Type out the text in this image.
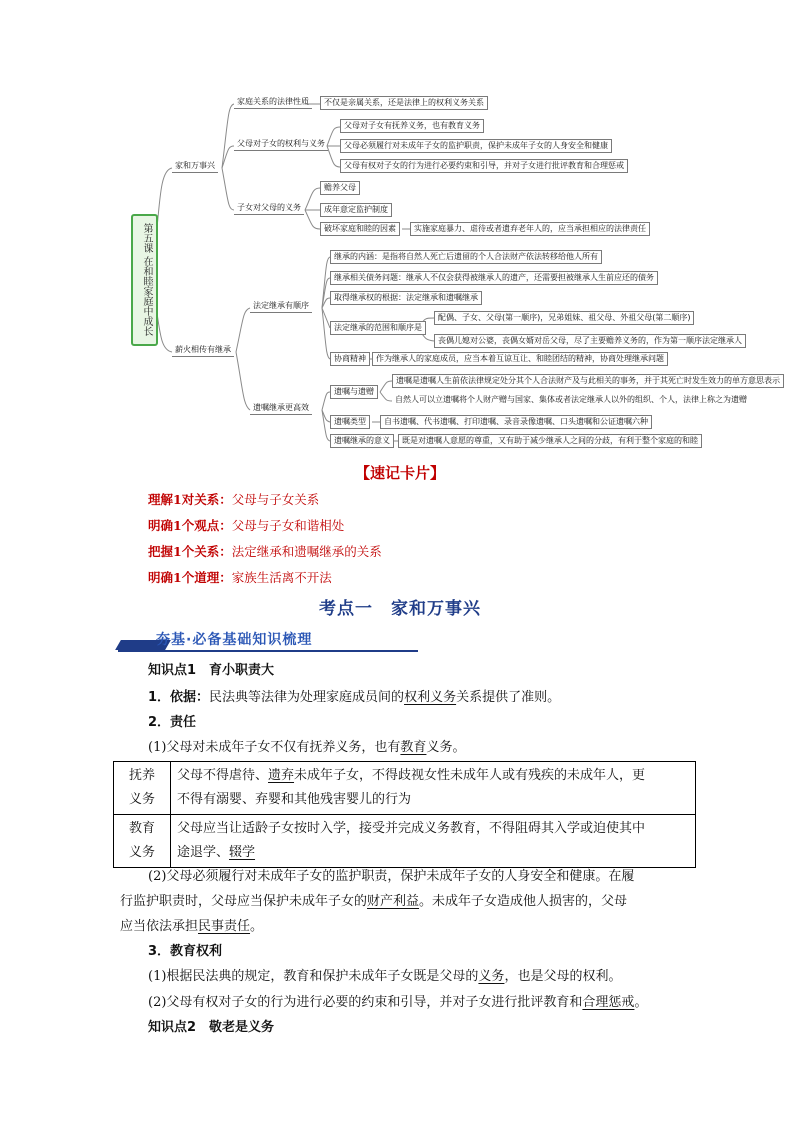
第五课 在和睦家庭中成长
家和万事兴
家庭关系的法律性质	不仅是亲属关系，还是法律上的权利义务关系
父母对子女的权利与义务
父母对子女有抚养义务，也有教育义务
父母必须履行对未成年子女的监护职责，保护未成年子女的人身安全和健康
父母有权对子女的行为进行必要约束和引导，并对子女进行批评教育和合理惩戒
子女对父母的义务
赡养父母
成年意定监护制度
破坏家庭和睦的因素	实施家庭暴力、虐待或者遗弃老年人的，应当承担相应的法律责任
薪火相传有继承
法定继承有顺序
继承的内涵：是指将自然人死亡后遗留的个人合法财产依法转移给他人所有
继承相关债务问题：继承人不仅会获得被继承人的遗产，还需要担被继承人生前应还的债务
取得继承权的根据：法定继承和遗嘱继承
法定继承的范围和顺序是
配偶、子女、父母(第一顺序)，兄弟姐妹、祖父母、外祖父母(第二顺序)
丧偶儿媳对公婆，丧偶女婿对岳父母，尽了主要赡养义务的，作为第一顺序法定继承人
协商精神	作为继承人的家庭成员，应当本着互谅互让、和睦团结的精神，协商处理继承问题
遗嘱继承更高效
遗嘱与遗赠
遗嘱是遗嘱人生前依法律规定处分其个人合法财产及与此相关的事务，并于其死亡时发生效力的单方意思表示
自然人可以立遗嘱将个人财产赠与国家、集体或者法定继承人以外的组织、个人，法律上称之为遗赠
遗嘱类型	自书遗嘱、代书遗嘱、打印遗嘱、录音录像遗嘱、口头遗嘱和公证遗嘱六种
遗嘱继承的意义	既是对遗嘱人意愿的尊重，又有助于减少继承人之间的分歧，有利于整个家庭的和睦
【速记卡片】
理解1对关系：父母与子女关系
明确1个观点：父母与子女和谐相处
把握1个关系：法定继承和遗嘱继承的关系
明确1个道理：家族生活离不开法
考点一　家和万事兴
夯基·必备基础知识梳理
知识点1　育小职责大
1．依据：民法典等法律为处理家庭成员间的权利义务关系提供了准则。
2．责任
(1)父母对未成年子女不仅有抚养义务，也有教育义务。
抚养
义务	父母不得虐待、遗弃未成年子女，不得歧视女性未成年人或有残疾的未成年人，更
不得有溺婴、弃婴和其他残害婴儿的行为
教育
义务	父母应当让适龄子女按时入学，接受并完成义务教育，不得阻碍其入学或迫使其中
途退学、辍学
(2)父母必须履行对未成年子女的监护职责，保护未成年子女的人身安全和健康。在履
行监护职责时，父母应当保护未成年子女的财产利益。未成年子女造成他人损害的，父母
应当依法承担民事责任。
3．教育权利
(1)根据民法典的规定，教育和保护未成年子女既是父母的义务，也是父母的权利。
(2)父母有权对子女的行为进行必要的约束和引导，并对子女进行批评教育和合理惩戒。
知识点2　敬老是义务
